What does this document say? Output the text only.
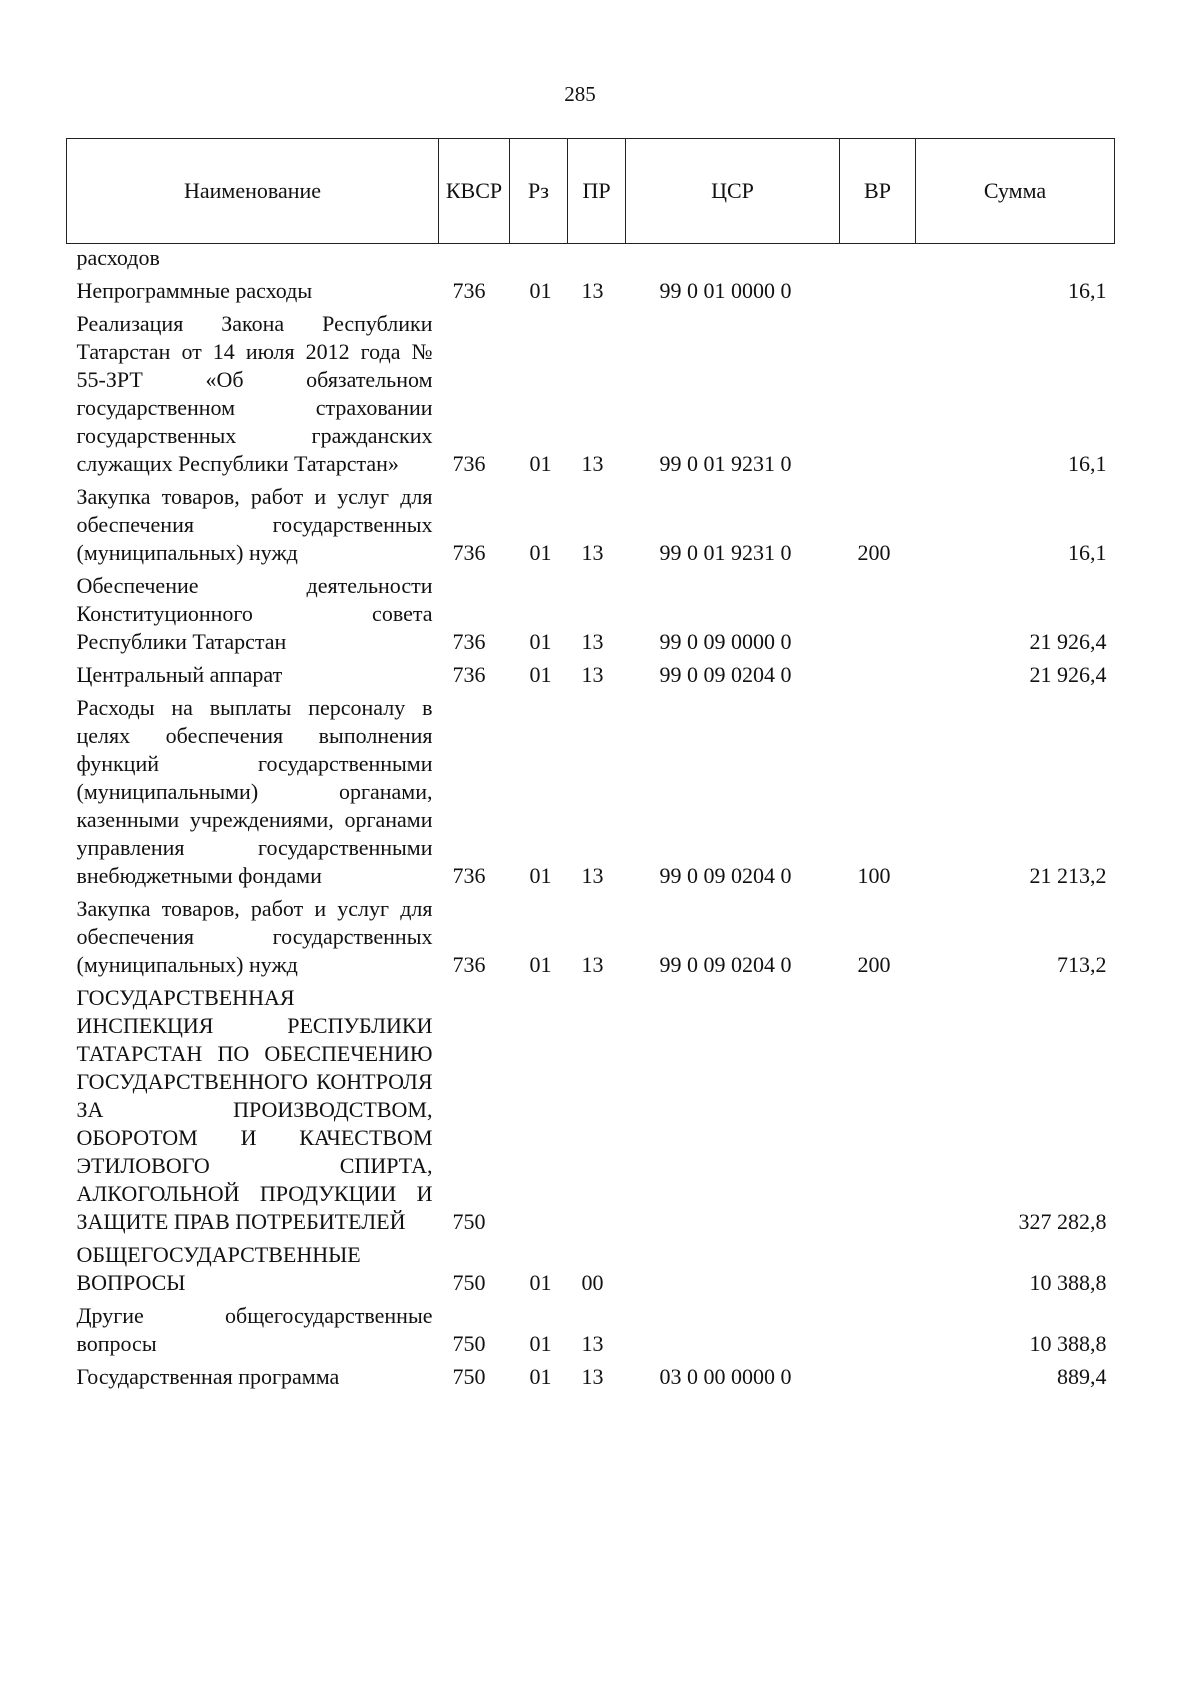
285
Наименование	КВСР	Рз	ПР	ЦСР	ВР	Сумма
расходов						
Непрограммные расходы	736	01	13	99 0 01 0000 0		16,1
Реализация Закона Республики Татарстан от 14 июля 2012 года № 55-ЗРТ «Об обязательном государственном страховании государственных гражданских служащих Республики Татарстан»	736	01	13	99 0 01 9231 0		16,1
Закупка товаров, работ и услуг для обеспечения государственных (муниципальных) нужд	736	01	13	99 0 01 9231 0	200	16,1
Обеспечение деятельности Конституционного совета Республики Татарстан	736	01	13	99 0 09 0000 0		21 926,4
Центральный аппарат	736	01	13	99 0 09 0204 0		21 926,4
Расходы на выплаты персоналу в целях обеспечения выполнения функций государственными (муниципальными) органами, казенными учреждениями, органами управления государственными внебюджетными фондами	736	01	13	99 0 09 0204 0	100	21 213,2
Закупка товаров, работ и услуг для обеспечения государственных (муниципальных) нужд	736	01	13	99 0 09 0204 0	200	713,2
ГОСУДАРСТВЕННАЯ ИНСПЕКЦИЯ РЕСПУБЛИКИ ТАТАРСТАН ПО ОБЕСПЕЧЕНИЮ ГОСУДАРСТВЕННОГО КОНТРОЛЯ ЗА ПРОИЗВОДСТВОМ, ОБОРОТОМ И КАЧЕСТВОМ ЭТИЛОВОГО СПИРТА, АЛКОГОЛЬНОЙ ПРОДУКЦИИ И ЗАЩИТЕ ПРАВ ПОТРЕБИТЕЛЕЙ	750					327 282,8
ОБЩЕГОСУДАРСТВЕННЫЕ ВОПРОСЫ	750	01	00			10 388,8
Другие общегосударственные вопросы	750	01	13			10 388,8
Государственная программа	750	01	13	03 0 00 0000 0		889,4
